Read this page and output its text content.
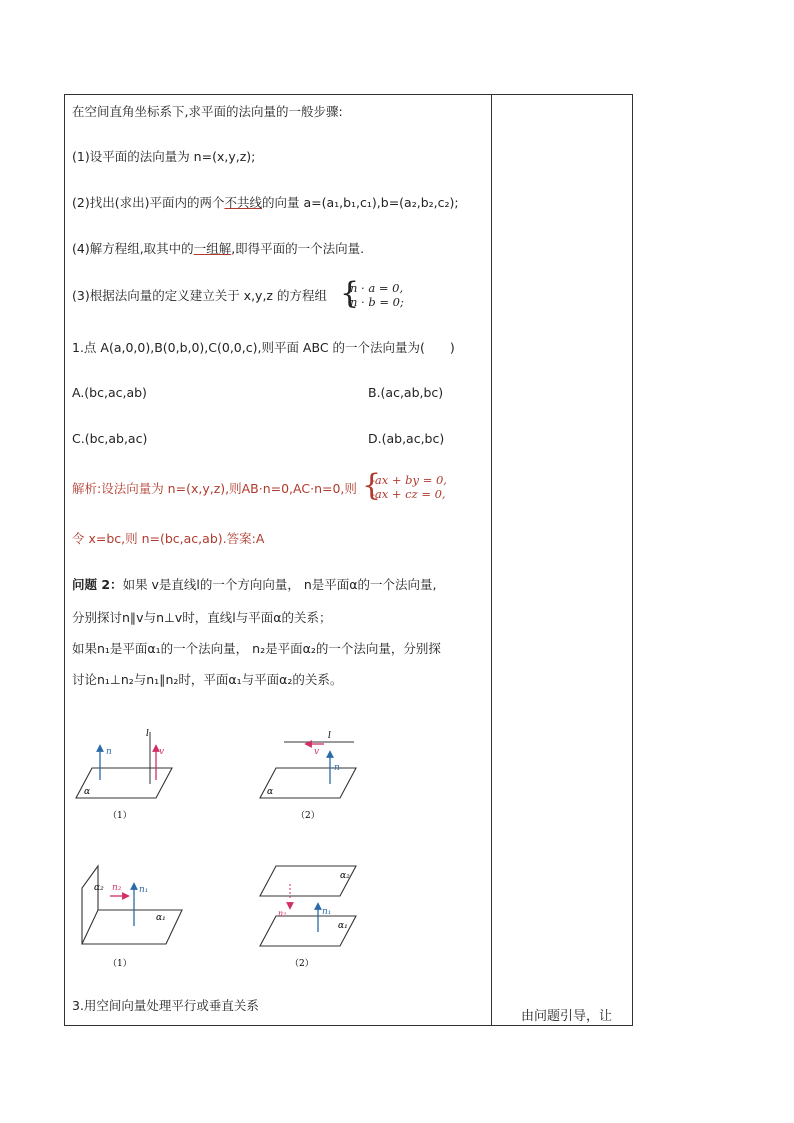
在空间直角坐标系下,求平面的法向量的一般步骤:
(1)设平面的法向量为 n=(x,y,z);
(2)找出(求出)平面内的两个不共线的向量 a=(a₁,b₁,c₁),b=(a₂,b₂,c₂);
(4)解方程组,取其中的一组解,即得平面的一个法向量.
(3)根据法向量的定义建立关于 x,y,z 的方程组 {
n · a = 0,
n · b = 0;
1.点 A(a,0,0),B(0,b,0),C(0,0,c),则平面 ABC 的一个法向量为(　　)
A.(bc,ac,ab)	B.(ac,ab,bc)
C.(bc,ab,ac)	D.(ab,ac,bc)
解析:设法向量为 n=(x,y,z),则AB·n=0,AC·n=0,则 {
-ax + by = 0,
-ax + cz = 0,
令 x=bc,则 n=(bc,ac,ab).答案:A
问题 2：如果 v是直线l的一个方向向量， n是平面α的一个法向量,
分别探讨n∥v与n⊥v时，直线l与平面α的关系；
如果n₁是平面α₁的一个法向量， n₂是平面α₂的一个法向量，分别探
讨论n₁⊥n₂与n₁∥n₂时，平面α₁与平面α₂的关系。
n	v
l
α
（1）
n
v
l
α
（2）
α₂ n₂ n₁
α₁
（1）
α₂
n₂	n₁
α₁
（2）
3.用空间向量处理平行或垂直关系
由问题引导，让
